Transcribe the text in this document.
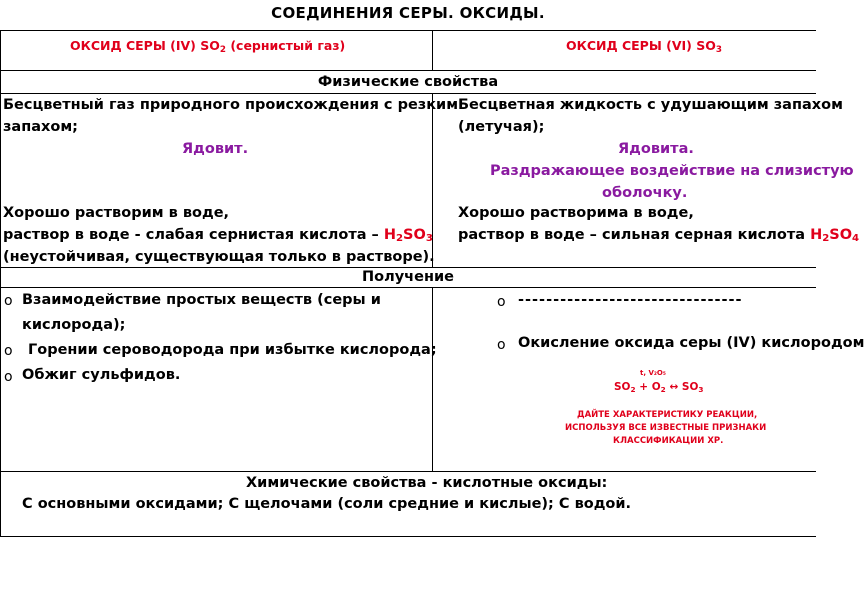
СОЕДИНЕНИЯ СЕРЫ. ОКСИДЫ.
ОКСИД СЕРЫ (IV) $SO_2$ (сернистый газ)	ОКСИД СЕРЫ (VI) $SO_3$
Физические свойства
Бесцветный газ природного происхождения с резким
запахом;
Ядовит.
Хорошо растворим в воде,
раствор в воде - слабая сернистая кислота – $H_2SO_3$
(неустойчивая, существующая только в растворе).
Бесцветная жидкость с удушающим запахом
(летучая);
Ядовита.
Раздражающее воздействие на слизистую
оболочку.
Хорошо растворима в воде,
раствор в воде – сильная серная кислота $H_2SO_4$
Получение
o Взаимодействие простых веществ (серы и
кислорода);
o Горении сероводорода при избытке кислорода;
o Обжиг сульфидов.
o --------------------------------
o Окисление оксида серы (IV) кислородом
t, V₂O₅
$SO_2 + O_2$ ↔ $SO_3$
ДАЙТЕ ХАРАКТЕРИСТИКУ РЕАКЦИИ,
ИСПОЛЬЗУЯ ВСЕ ИЗВЕСТНЫЕ ПРИЗНАКИ
КЛАССИФИКАЦИИ ХР.
Химические свойства - кислотные оксиды:
С основными оксидами; С щелочами (соли средние и кислые); С водой.
